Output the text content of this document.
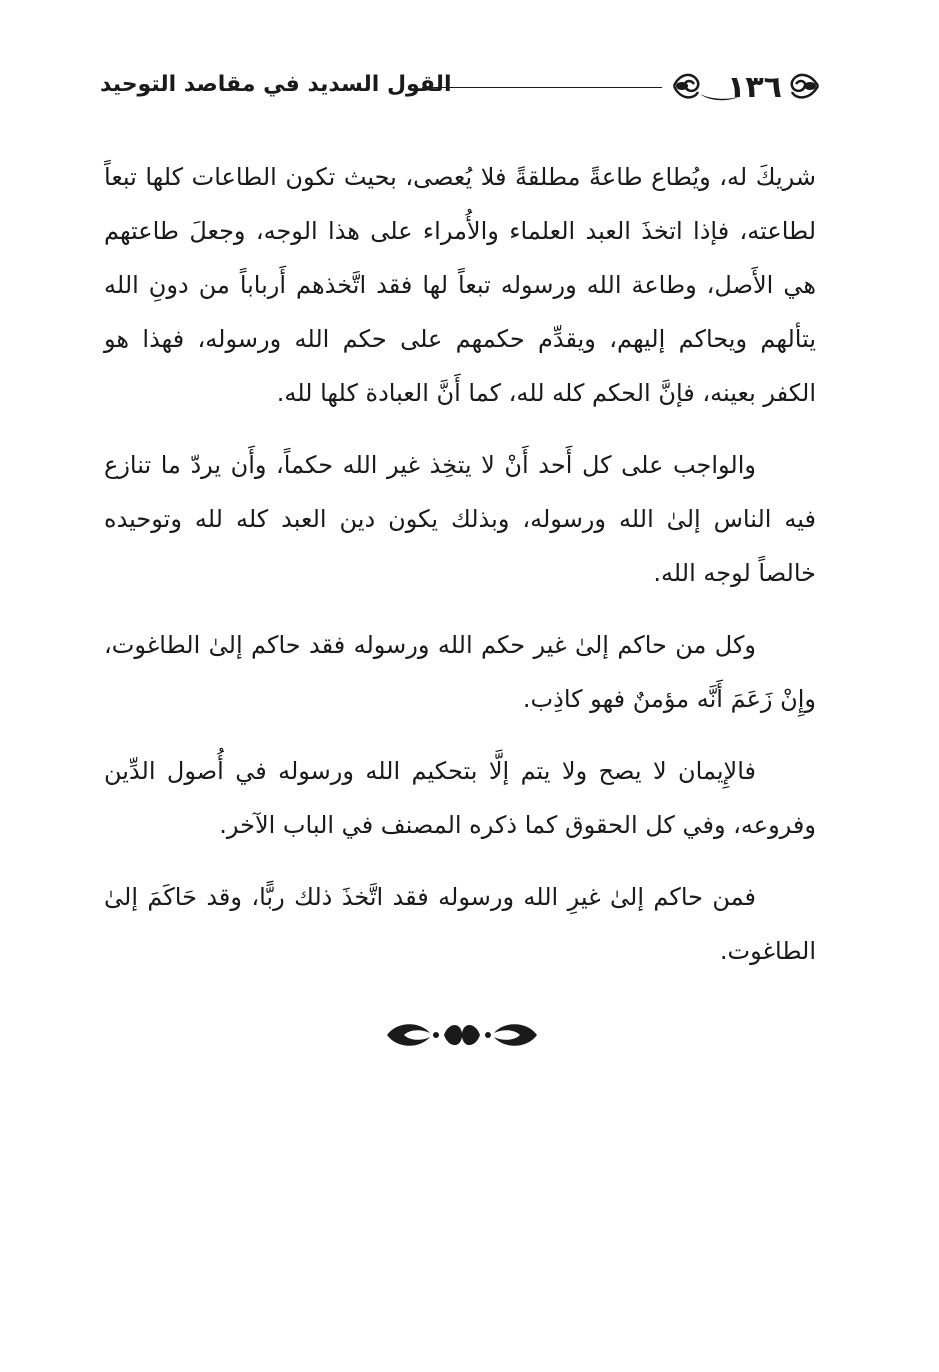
١٣٦
القول السديد في مقاصد التوحيد

شريكَ له، ويُطاع طاعةً مطلقةً فلا يُعصى، بحيث تكون الطاعات كلها تبعاً لطاعته، فإذا اتخذَ العبد العلماء والأُمراء على هذا الوجه، وجعلَ طاعتهم هي الأَصل، وطاعة الله ورسوله تبعاً لها فقد اتَّخذهم أَرباباً من دونِ الله يتألهم ويحاكم إليهم، ويقدِّم حكمهم على حكم الله ورسوله، فهذا هو الكفر بعينه، فإنَّ الحكم كله لله، كما أَنَّ العبادة كلها لله.

والواجب على كل أَحد أَنْ لا يتخِذ غير الله حكماً، وأَن يردّ ما تنازع فيه الناس إلىٰ الله ورسوله، وبذلك يكون دين العبد كله لله وتوحيده خالصاً لوجه الله.

وكل من حاكم إلىٰ غير حكم الله ورسوله فقد حاكم إلىٰ الطاغوت، وإِنْ زَعَمَ أَنَّه مؤمنٌ فهو كاذِب.

فالإِيمان لا يصح ولا يتم إلَّا بتحكيم الله ورسوله في أُصول الدِّين وفروعه، وفي كل الحقوق كما ذكره المصنف في الباب الآخر.

فمن حاكم إلىٰ غيرِ الله ورسوله فقد اتَّخذَ ذلك ربًّا، وقد حَاكَمَ إلىٰ الطاغوت.
